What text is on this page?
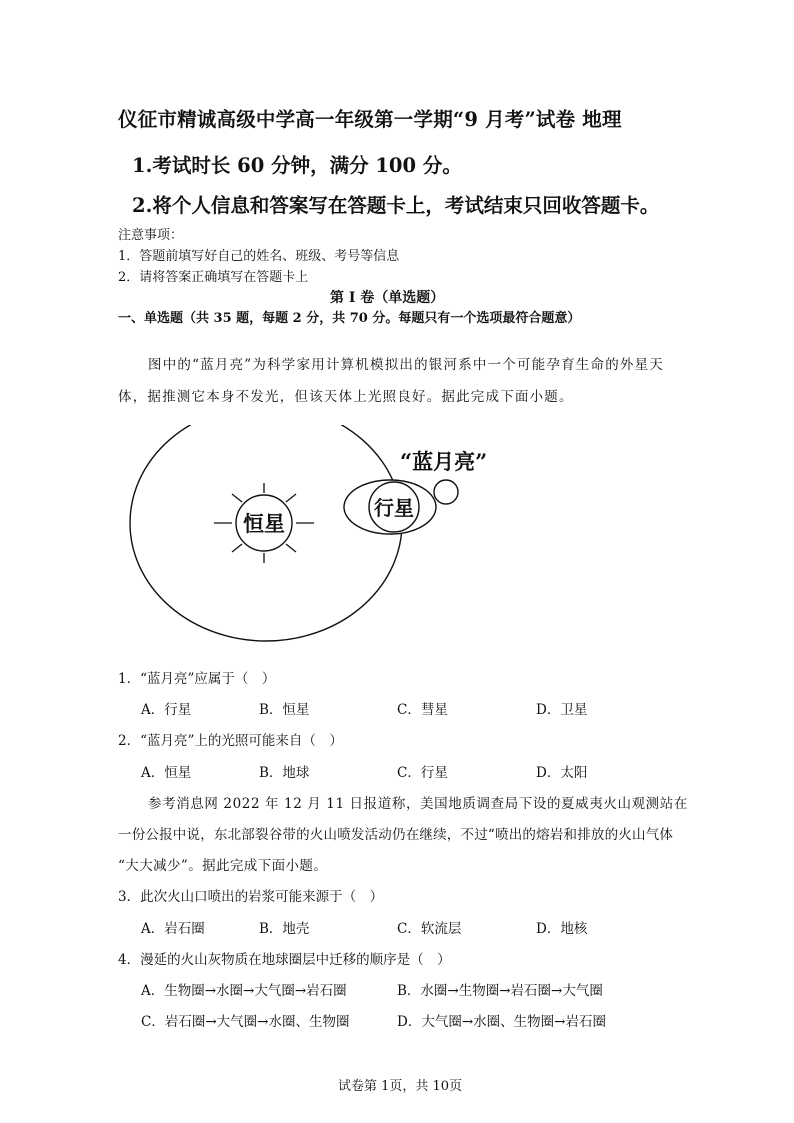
仪征市精诚高级中学高一年级第一学期“9 月考”试卷 地理
1.考试时长 60 分钟，满分 100 分。
2.将个人信息和答案写在答题卡上，考试结束只回收答题卡。
注意事项：
1．答题前填写好自己的姓名、班级、考号等信息
2．请将答案正确填写在答题卡上
第 I 卷（单选题）
一、单选题（共 35 题，每题 2 分，共 70 分。每题只有一个选项最符合题意）
图中的“蓝月亮”为科学家用计算机模拟出的银河系中一个可能孕育生命的外星天
体，据推测它本身不发光，但该天体上光照良好。据此完成下面小题。
恒星
行星
“蓝月亮”
1．“蓝月亮”应属于（　）
A．行星	B．恒星	C．彗星	D．卫星
2．“蓝月亮”上的光照可能来自（　）
A．恒星	B．地球	C．行星	D．太阳
参考消息网 2022 年 12 月 11 日报道称，美国地质调查局下设的夏威夷火山观测站在
一份公报中说，东北部裂谷带的火山喷发活动仍在继续，不过“喷出的熔岩和排放的火山气体
“大大减少”。据此完成下面小题。
3．此次火山口喷出的岩浆可能来源于（　）
A．岩石圈	B．地壳	C．软流层	D．地核
4．漫延的火山灰物质在地球圈层中迁移的顺序是（　）
A．生物圈→水圈→大气圈→岩石圈	B．水圈→生物圈→岩石圈→大气圈
C．岩石圈→大气圈→水圈、生物圈	D．大气圈→水圈、生物圈→岩石圈
试卷第 1页，共 10页
